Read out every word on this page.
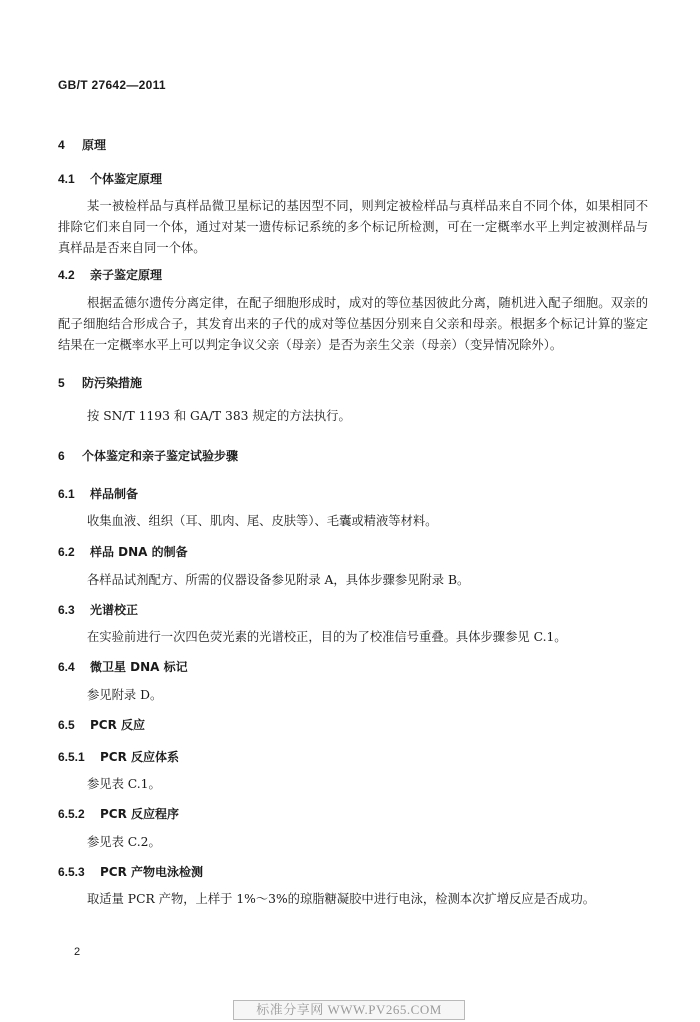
GB/T 27642—2011
4 原理
4.1 个体鉴定原理
某一被检样品与真样品微卫星标记的基因型不同，则判定被检样品与真样品来自不同个体，如果相同不排除它们来自同一个体，通过对某一遗传标记系统的多个标记所检测，可在一定概率水平上判定被测样品与真样品是否来自同一个体。
4.2 亲子鉴定原理
根据孟德尔遗传分离定律，在配子细胞形成时，成对的等位基因彼此分离，随机进入配子细胞。双亲的配子细胞结合形成合子，其发育出来的子代的成对等位基因分别来自父亲和母亲。根据多个标记计算的鉴定结果在一定概率水平上可以判定争议父亲（母亲）是否为亲生父亲（母亲）（变异情况除外）。
5 防污染措施
按 SN/T 1193 和 GA/T 383 规定的方法执行。
6 个体鉴定和亲子鉴定试验步骤
6.1 样品制备
收集血液、组织（耳、肌肉、尾、皮肤等）、毛囊或精液等材料。
6.2 样品 DNA 的制备
各样品试剂配方、所需的仪器设备参见附录 A，具体步骤参见附录 B。
6.3 光谱校正
在实验前进行一次四色荧光素的光谱校正，目的为了校准信号重叠。具体步骤参见 C.1。
6.4 微卫星 DNA 标记
参见附录 D。
6.5 PCR 反应
6.5.1 PCR 反应体系
参见表 C.1。
6.5.2 PCR 反应程序
参见表 C.2。
6.5.3 PCR 产物电泳检测
取适量 PCR 产物，上样于 1%～3%的琼脂糖凝胶中进行电泳，检测本次扩增反应是否成功。
2
标准分享网 WWW.PV265.COM
